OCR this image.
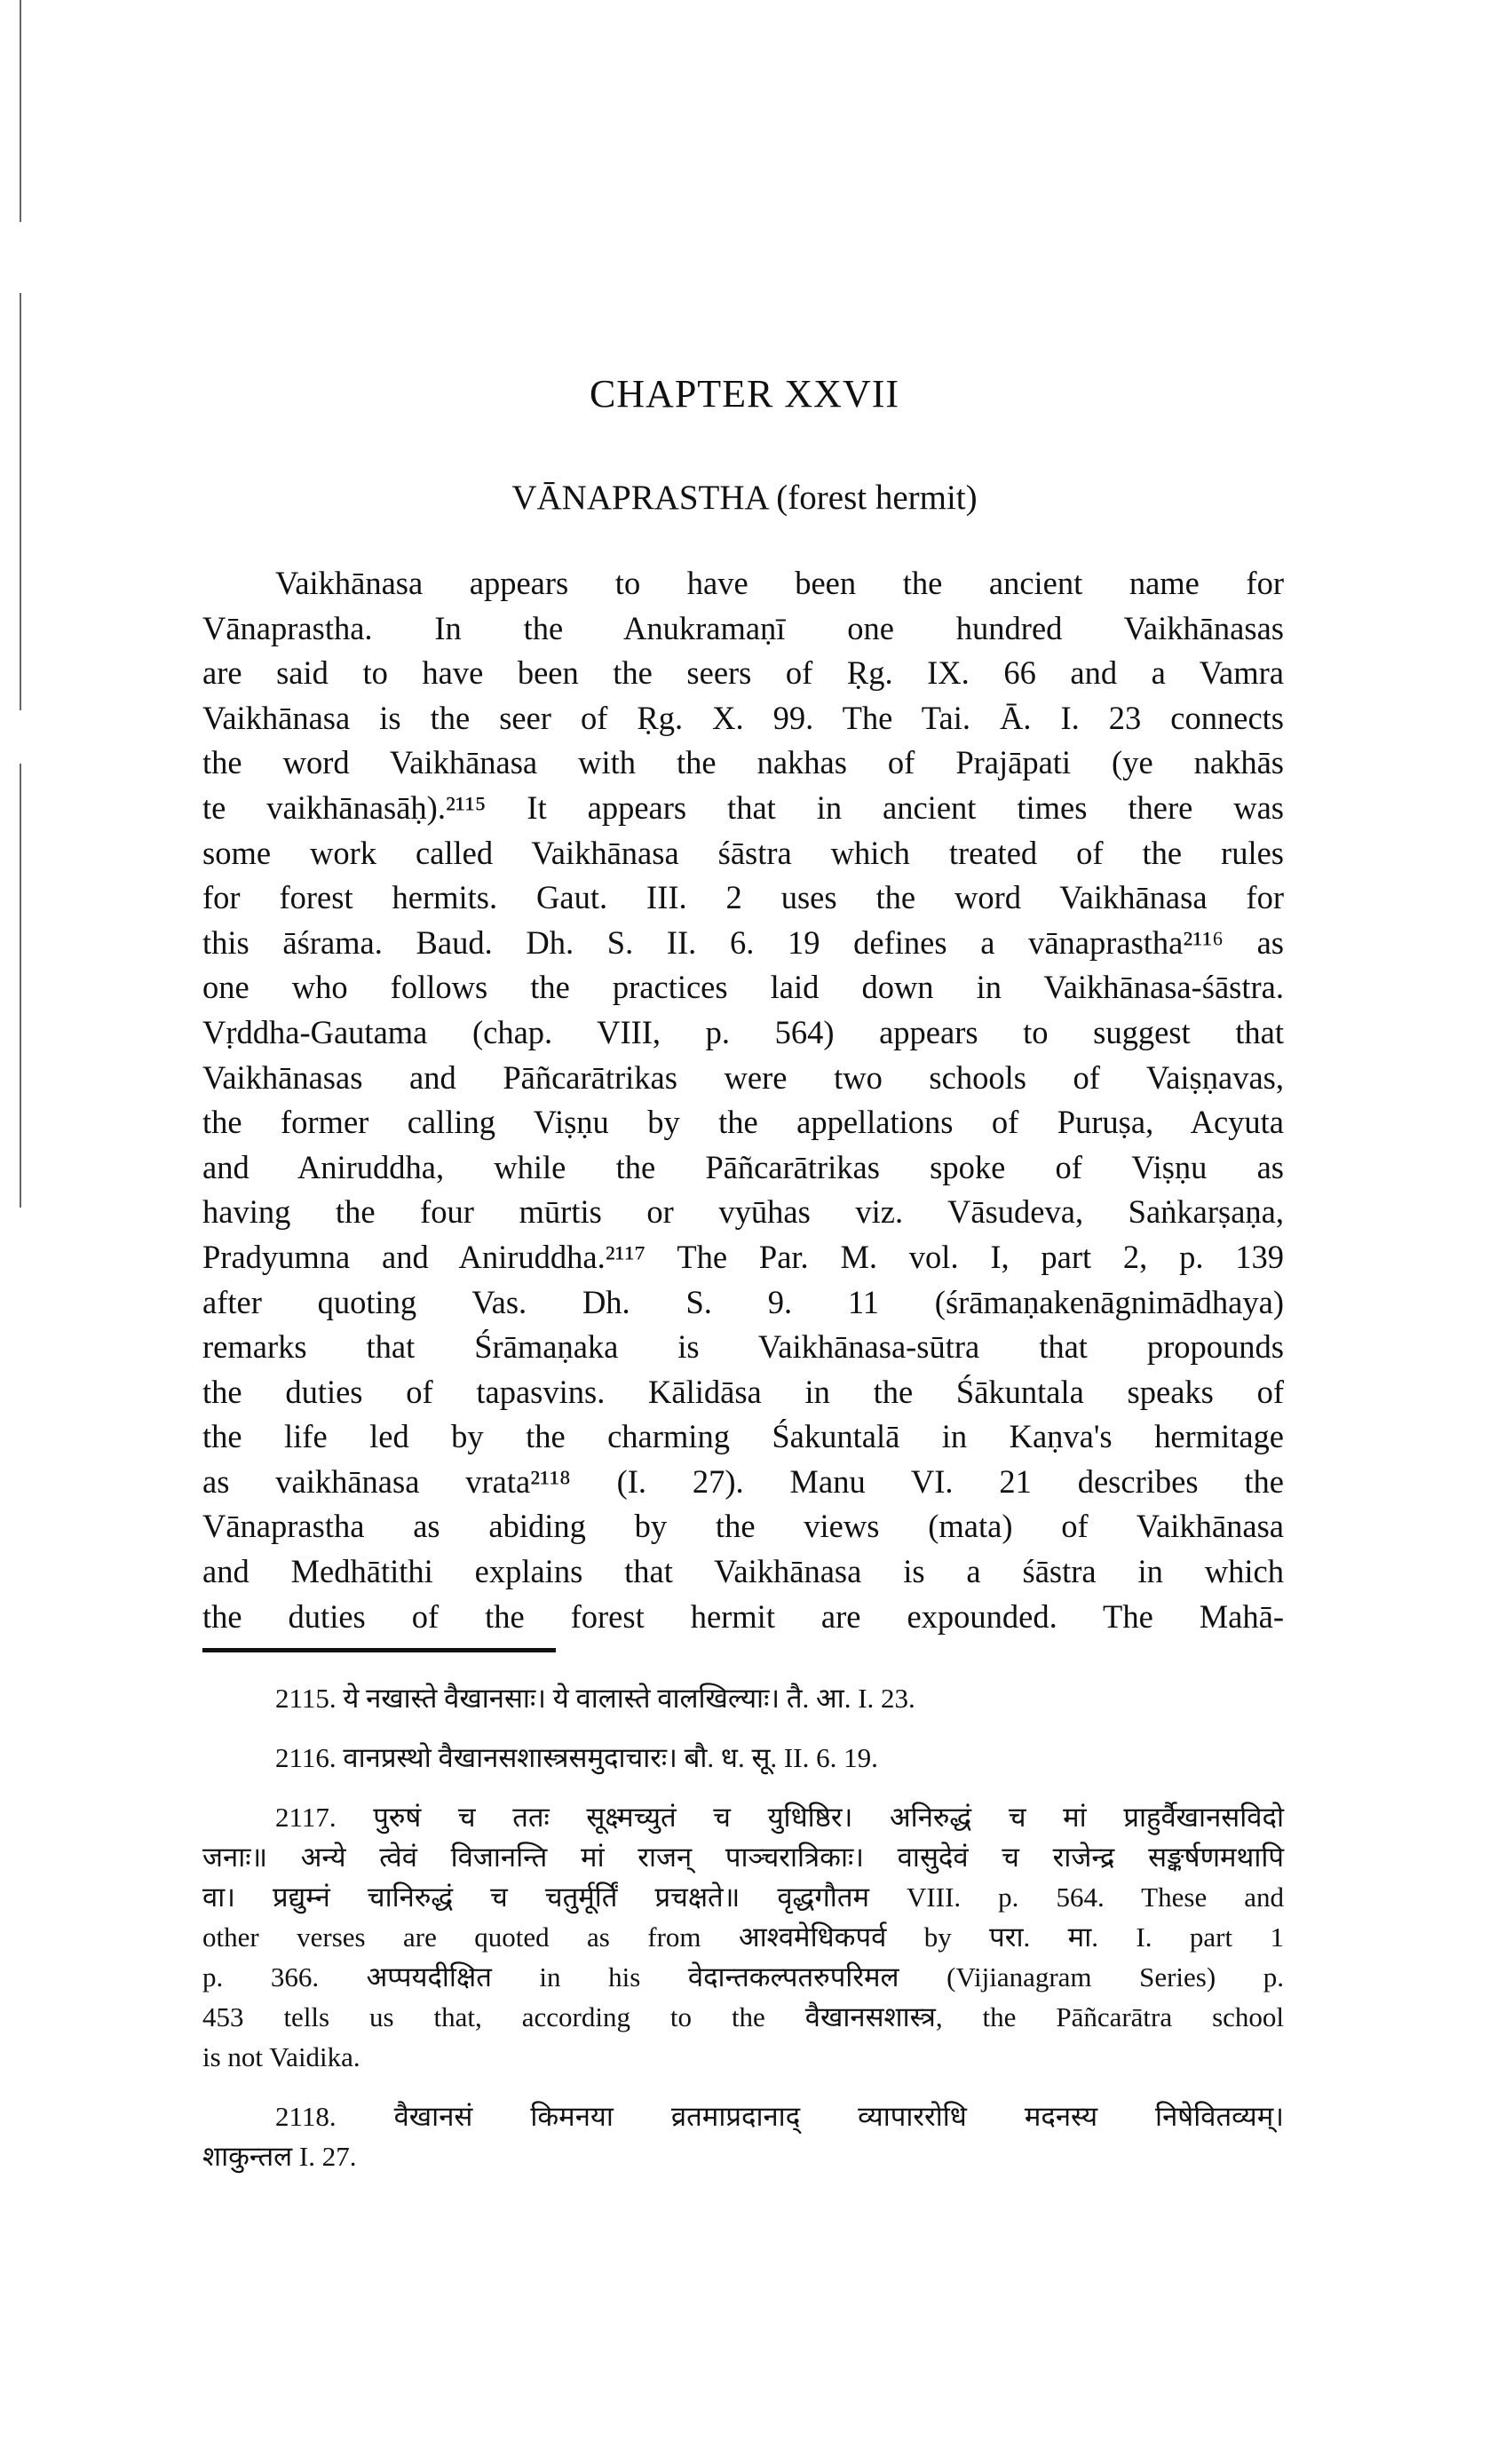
CHAPTER XXVII
VĀNAPRASTHA (forest hermit)

Vaikhānasa appears to have been the ancient name for
Vānaprastha. In the Anukramaṇī one hundred Vaikhānasas
are said to have been the seers of Ṛg. IX. 66 and a Vamra
Vaikhānasa is the seer of Ṛg. X. 99. The Tai. Ā. I. 23 connects
the word Vaikhānasa with the nakhas of Prajāpati (ye nakhās
te vaikhānasāḥ).²¹¹⁵ It appears that in ancient times there was
some work called Vaikhānasa śāstra which treated of the rules
for forest hermits. Gaut. III. 2 uses the word Vaikhānasa for
this āśrama. Baud. Dh. S. II. 6. 19 defines a vānaprastha²¹¹⁶ as
one who follows the practices laid down in Vaikhānasa-śāstra.
Vṛddha-Gautama (chap. VIII, p. 564) appears to suggest that
Vaikhānasas and Pāñcarātrikas were two schools of Vaiṣṇavas,
the former calling Viṣṇu by the appellations of Puruṣa, Acyuta
and Aniruddha, while the Pāñcarātrikas spoke of Viṣṇu as
having the four mūrtis or vyūhas viz. Vāsudeva, Saṅkarṣaṇa,
Pradyumna and Aniruddha.²¹¹⁷ The Par. M. vol. I, part 2, p. 139
after quoting Vas. Dh. S. 9. 11 (śrāmaṇakenāgnimādhaya)
remarks that Śrāmaṇaka is Vaikhānasa-sūtra that propounds
the duties of tapasvins. Kālidāsa in the Śākuntala speaks of
the life led by the charming Śakuntalā in Kaṇva's hermitage
as vaikhānasa vrata²¹¹⁸ (I. 27). Manu VI. 21 describes the
Vānaprastha as abiding by the views (mata) of Vaikhānasa
and Medhātithi explains that Vaikhānasa is a śāstra in which
the duties of the forest hermit are expounded. The Mahā-

2115. ये नखास्ते वैखानसाः। ये वालास्ते वालखिल्याः। तै. आ. I. 23.
2116. वानप्रस्थो वैखानसशास्त्रसमुदाचारः। बौ. ध. सू. II. 6. 19.
2117. पुरुषं च ततः सूक्ष्मच्युतं च युधिष्ठिर। अनिरुद्धं च मां प्राहुर्वैखानसविदो
जनाः॥ अन्ये त्वेवं विजानन्ति मां राजन् पाञ्चरात्रिकाः। वासुदेवं च राजेन्द्र सङ्कर्षणमथापि
वा। प्रद्युम्नं चानिरुद्धं च चतुर्मूर्तिं प्रचक्षते॥ वृद्धगौतम VIII. p. 564. These and
other verses are quoted as from आश्वमेधिकपर्व by परा. मा. I. part 1
p. 366. अप्पयदीक्षित in his वेदान्तकल्पतरुपरिमल (Vijianagram Series) p.
453 tells us that, according to the वैखानसशास्त्र, the Pāñcarātra school
is not Vaidika.
2118. वैखानसं किमनया व्रतमाप्रदानाद् व्यापाररोधि मदनस्य निषेवितव्यम्।
शाकुन्तल I. 27.
